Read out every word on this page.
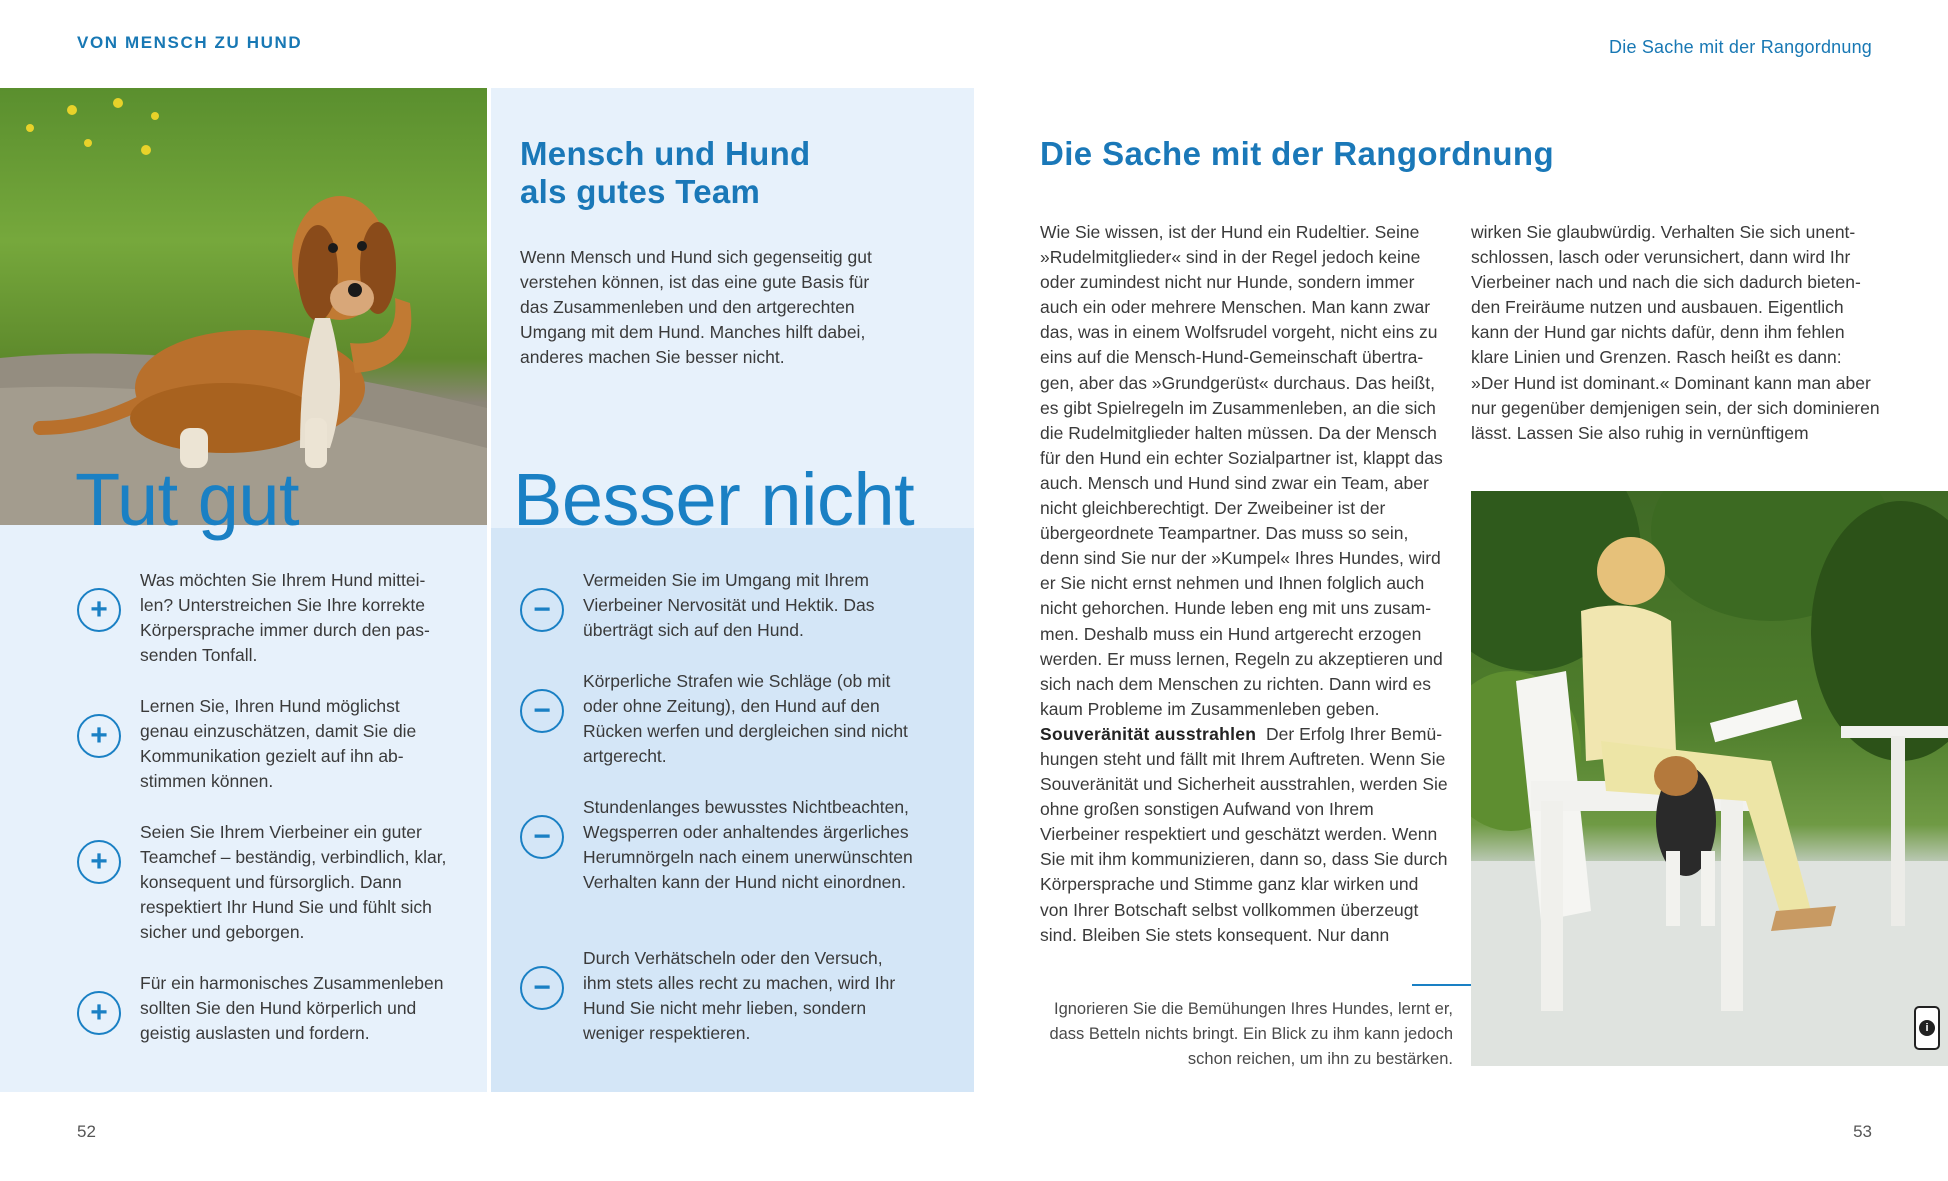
VON MENSCH ZU HUND	Die Sache mit der Rangordnung
Tut gut	Besser nicht
Mensch und Hund
als gutes Team
Wenn Mensch und Hund sich gegenseitig gut verstehen können, ist das eine gute Basis für das Zusammenleben und den artgerechten Umgang mit dem Hund. Manches hilft dabei, anderes machen Sie besser nicht.
+
Was möchten Sie Ihrem Hund mitteilen? Unterstreichen Sie Ihre korrekte Körpersprache immer durch den passenden Tonfall.
+
Lernen Sie, Ihren Hund möglichst genau einzuschätzen, damit Sie die Kommunikation gezielt auf ihn abstimmen können.
+
Seien Sie Ihrem Vierbeiner ein guter Teamchef – beständig, verbindlich, klar, konsequent und fürsorglich. Dann respektiert Ihr Hund Sie und fühlt sich sicher und geborgen.
+
Für ein harmonisches Zusammenleben sollten Sie den Hund körperlich und geistig auslasten und fordern.
−
Vermeiden Sie im Umgang mit Ihrem Vierbeiner Nervosität und Hektik. Das überträgt sich auf den Hund.
−
Körperliche Strafen wie Schläge (ob mit oder ohne Zeitung), den Hund auf den Rücken werfen und dergleichen sind nicht artgerecht.
−
Stundenlanges bewusstes Nichtbeachten, Wegsperren oder anhaltendes ärgerliches Herumnörgeln nach einem unerwünschten Verhalten kann der Hund nicht einordnen.
−
Durch Verhätscheln oder den Versuch, ihm stets alles recht zu machen, wird Ihr Hund Sie nicht mehr lieben, sondern weniger respektieren.
Die Sache mit der Rangordnung
Wie Sie wissen, ist der Hund ein Rudeltier. Seine »Rudelmitglieder« sind in der Regel jedoch keine oder zumindest nicht nur Hunde, sondern immer auch ein oder mehrere Menschen. Man kann zwar das, was in einem Wolfsrudel vorgeht, nicht eins zu eins auf die Mensch-Hund-Gemeinschaft übertragen, aber das »Grundgerüst« durchaus. Das heißt, es gibt Spielregeln im Zusammenleben, an die sich die Rudelmitglieder halten müssen. Da der Mensch für den Hund ein echter Sozialpartner ist, klappt das auch. Mensch und Hund sind zwar ein Team, aber nicht gleichberechtigt. Der Zweibeiner ist der übergeordnete Teampartner. Das muss so sein, denn sind Sie nur der »Kumpel« Ihres Hundes, wird er Sie nicht ernst nehmen und Ihnen folglich auch nicht gehorchen. Hunde leben eng mit uns zusammen. Deshalb muss ein Hund artgerecht erzogen werden. Er muss lernen, Regeln zu akzeptieren und sich nach dem Menschen zu richten. Dann wird es kaum Probleme im Zusammenleben geben.
Souveränität ausstrahlen Der Erfolg Ihrer Bemühungen steht und fällt mit Ihrem Auftreten. Wenn Sie Souveränität und Sicherheit ausstrahlen, werden Sie ohne großen sonstigen Aufwand von Ihrem Vierbeiner respektiert und geschätzt werden. Wenn Sie mit ihm kommunizieren, dann so, dass Sie durch Körpersprache und Stimme ganz klar wirken und von Ihrer Botschaft selbst vollkommen überzeugt sind. Bleiben Sie stets konsequent. Nur dann
wirken Sie glaubwürdig. Verhalten Sie sich unentschlossen, lasch oder verunsichert, dann wird Ihr Vierbeiner nach und nach die sich dadurch bietenden Freiräume nutzen und ausbauen. Eigentlich kann der Hund gar nichts dafür, denn ihm fehlen klare Linien und Grenzen. Rasch heißt es dann: »Der Hund ist dominant.« Dominant kann man aber nur gegenüber demjenigen sein, der sich dominieren lässt. Lassen Sie also ruhig in vernünftigem
i
Ignorieren Sie die Bemühungen Ihres Hundes, lernt er, dass Betteln nichts bringt. Ein Blick zu ihm kann jedoch schon reichen, um ihn zu bestärken.
52	53
